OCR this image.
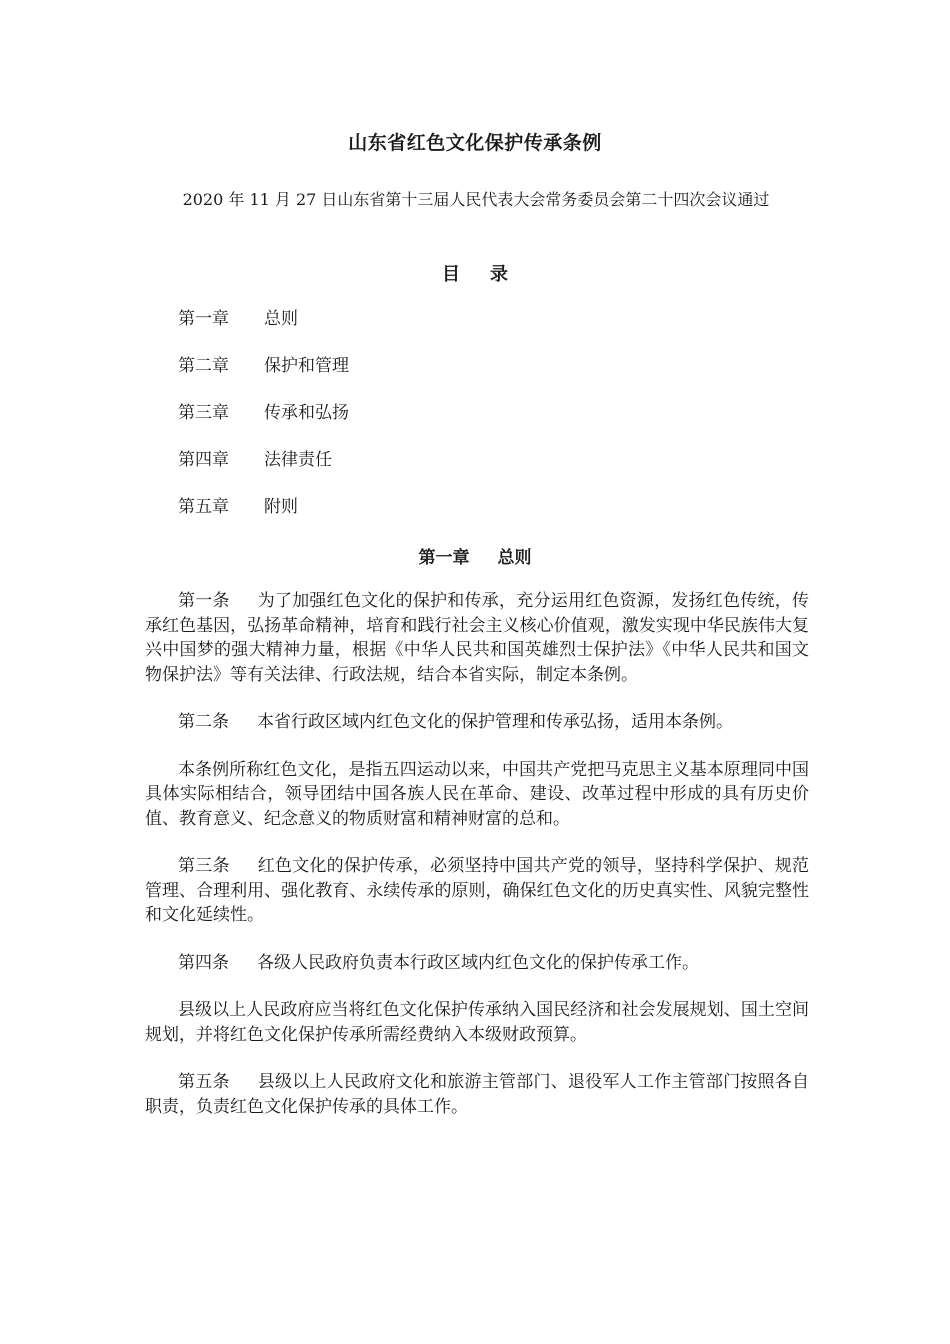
山东省红色文化保护传承条例
2020 年 11 月 27 日山东省第十三届人民代表大会常务委员会第二十四次会议通过
目 录
第一章 总则
第二章 保护和管理
第三章 传承和弘扬
第四章 法律责任
第五章 附则
第一章 总则

第一条 为了加强红色文化的保护和传承，充分运用红色资源，发扬红色传统，传承红色基因，弘扬革命精神，培育和践行社会主义核心价值观，激发实现中华民族伟大复兴中国梦的强大精神力量，根据《中华人民共和国英雄烈士保护法》《中华人民共和国文物保护法》等有关法律、行政法规，结合本省实际，制定本条例。

第二条 本省行政区域内红色文化的保护管理和传承弘扬，适用本条例。

本条例所称红色文化，是指五四运动以来，中国共产党把马克思主义基本原理同中国具体实际相结合，领导团结中国各族人民在革命、建设、改革过程中形成的具有历史价值、教育意义、纪念意义的物质财富和精神财富的总和。

第三条 红色文化的保护传承，必须坚持中国共产党的领导，坚持科学保护、规范管理、合理利用、强化教育、永续传承的原则，确保红色文化的历史真实性、风貌完整性和文化延续性。

第四条 各级人民政府负责本行政区域内红色文化的保护传承工作。

县级以上人民政府应当将红色文化保护传承纳入国民经济和社会发展规划、国土空间规划，并将红色文化保护传承所需经费纳入本级财政预算。

第五条 县级以上人民政府文化和旅游主管部门、退役军人工作主管部门按照各自职责，负责红色文化保护传承的具体工作。
